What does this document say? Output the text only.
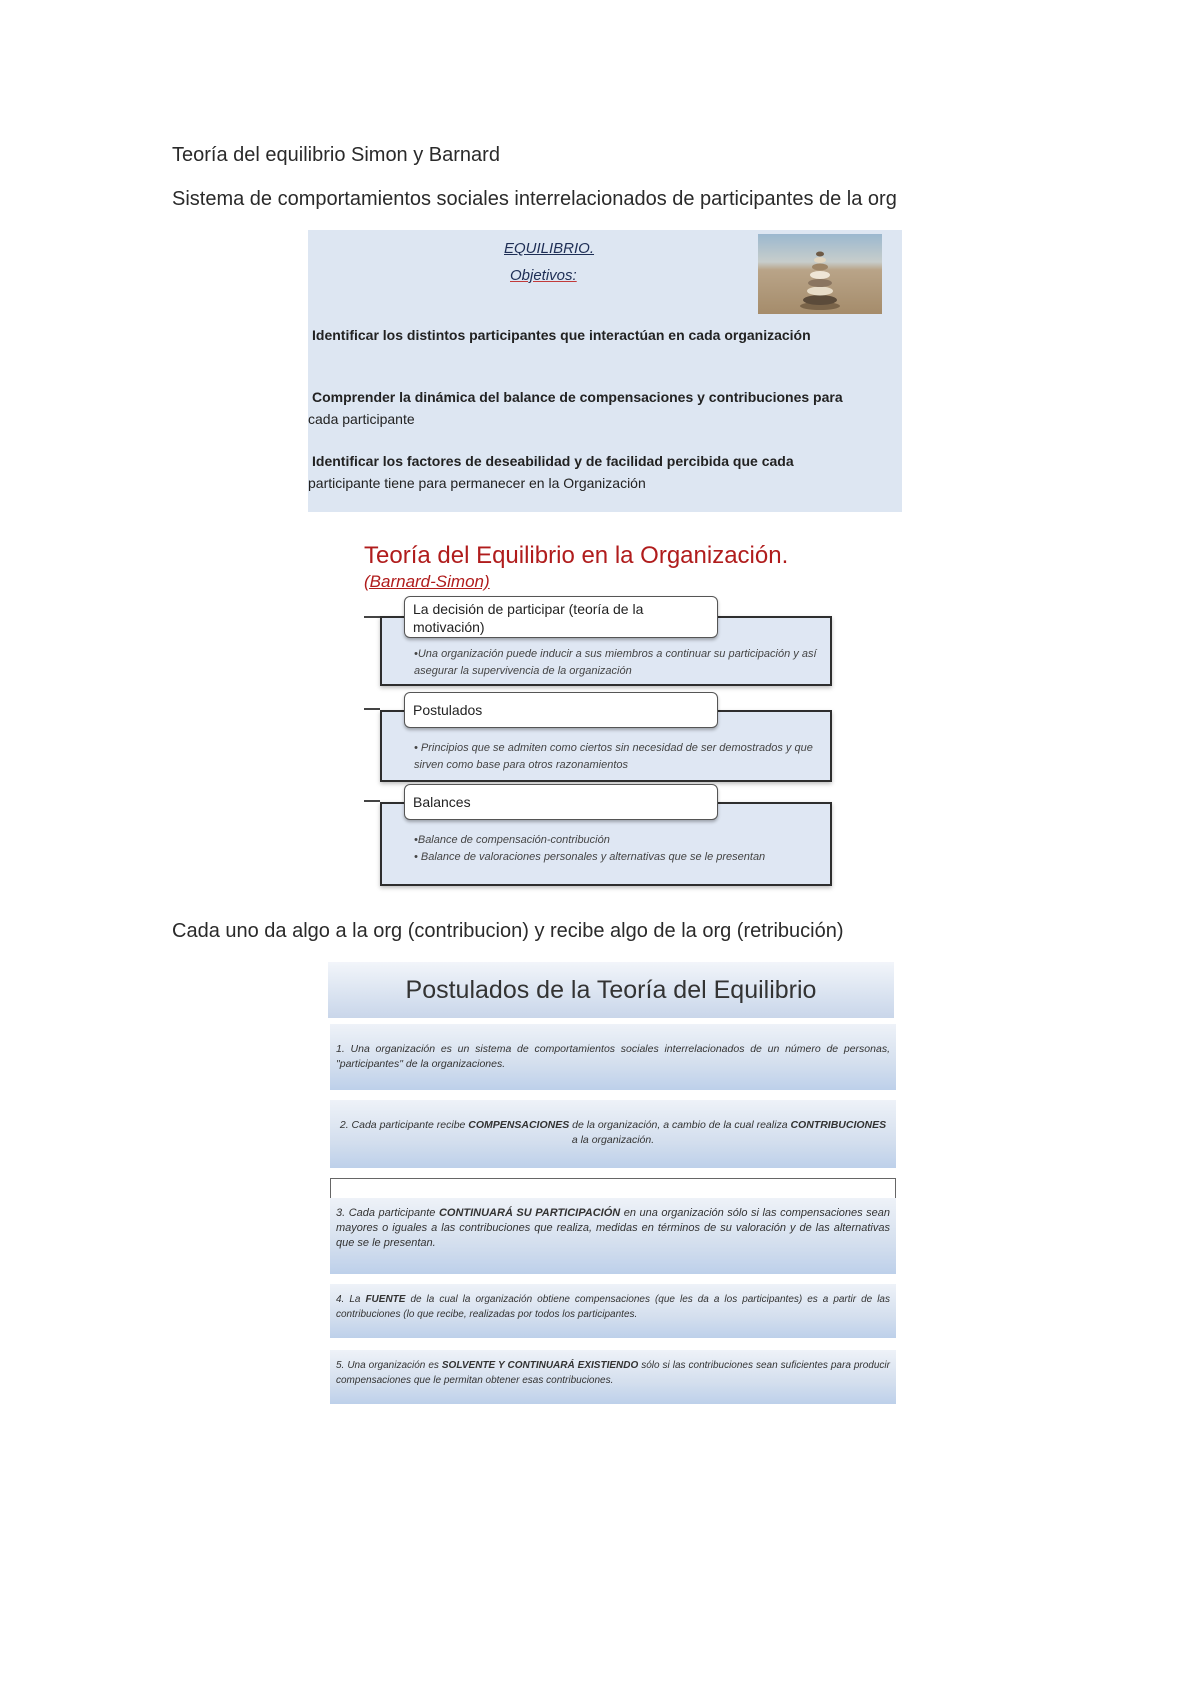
Teoría del equilibrio Simon y Barnard
Sistema de comportamientos sociales interrelacionados de participantes de la org
EQUILIBRIO.
Objetivos:
Identificar los distintos participantes que interactúan en cada organización
Comprender la dinámica del balance de compensaciones y contribuciones para
cada participante
Identificar los factores de deseabilidad y de facilidad percibida que cada
participante tiene para permanecer en la Organización
Teoría del Equilibrio en la Organización.
(Barnard-Simon)
•Una organización puede inducir a sus miembros a continuar su participación y así asegurar la supervivencia de la organización
La decisión de participar (teoría de la motivación)
• Principios que se admiten como ciertos sin necesidad de ser demostrados y que sirven como base para otros razonamientos
Postulados
•Balance de compensación-contribución
• Balance de valoraciones personales y alternativas que se le presentan
Balances
Cada uno da algo a la org (contribucion) y recibe algo de la org (retribución)
Postulados de la Teoría del Equilibrio
1. Una organización es un sistema de comportamientos sociales interrelacionados de un número de personas, "participantes" de la organizaciones.
2. Cada participante recibe COMPENSACIONES de la organización, a cambio de la cual realiza CONTRIBUCIONES a la organización.
3. Cada participante CONTINUARÁ SU PARTICIPACIÓN en una organización sólo si las compensaciones sean mayores o iguales a las contribuciones que realiza, medidas en términos de su valoración y de las alternativas que se le presentan.
4. La FUENTE de la cual la organización obtiene compensaciones (que les da a los participantes) es a partir de las contribuciones (lo que recibe, realizadas por todos los participantes.
5. Una organización es SOLVENTE Y CONTINUARÁ EXISTIENDO sólo si las contribuciones sean suficientes para producir compensaciones que le permitan obtener esas contribuciones.
